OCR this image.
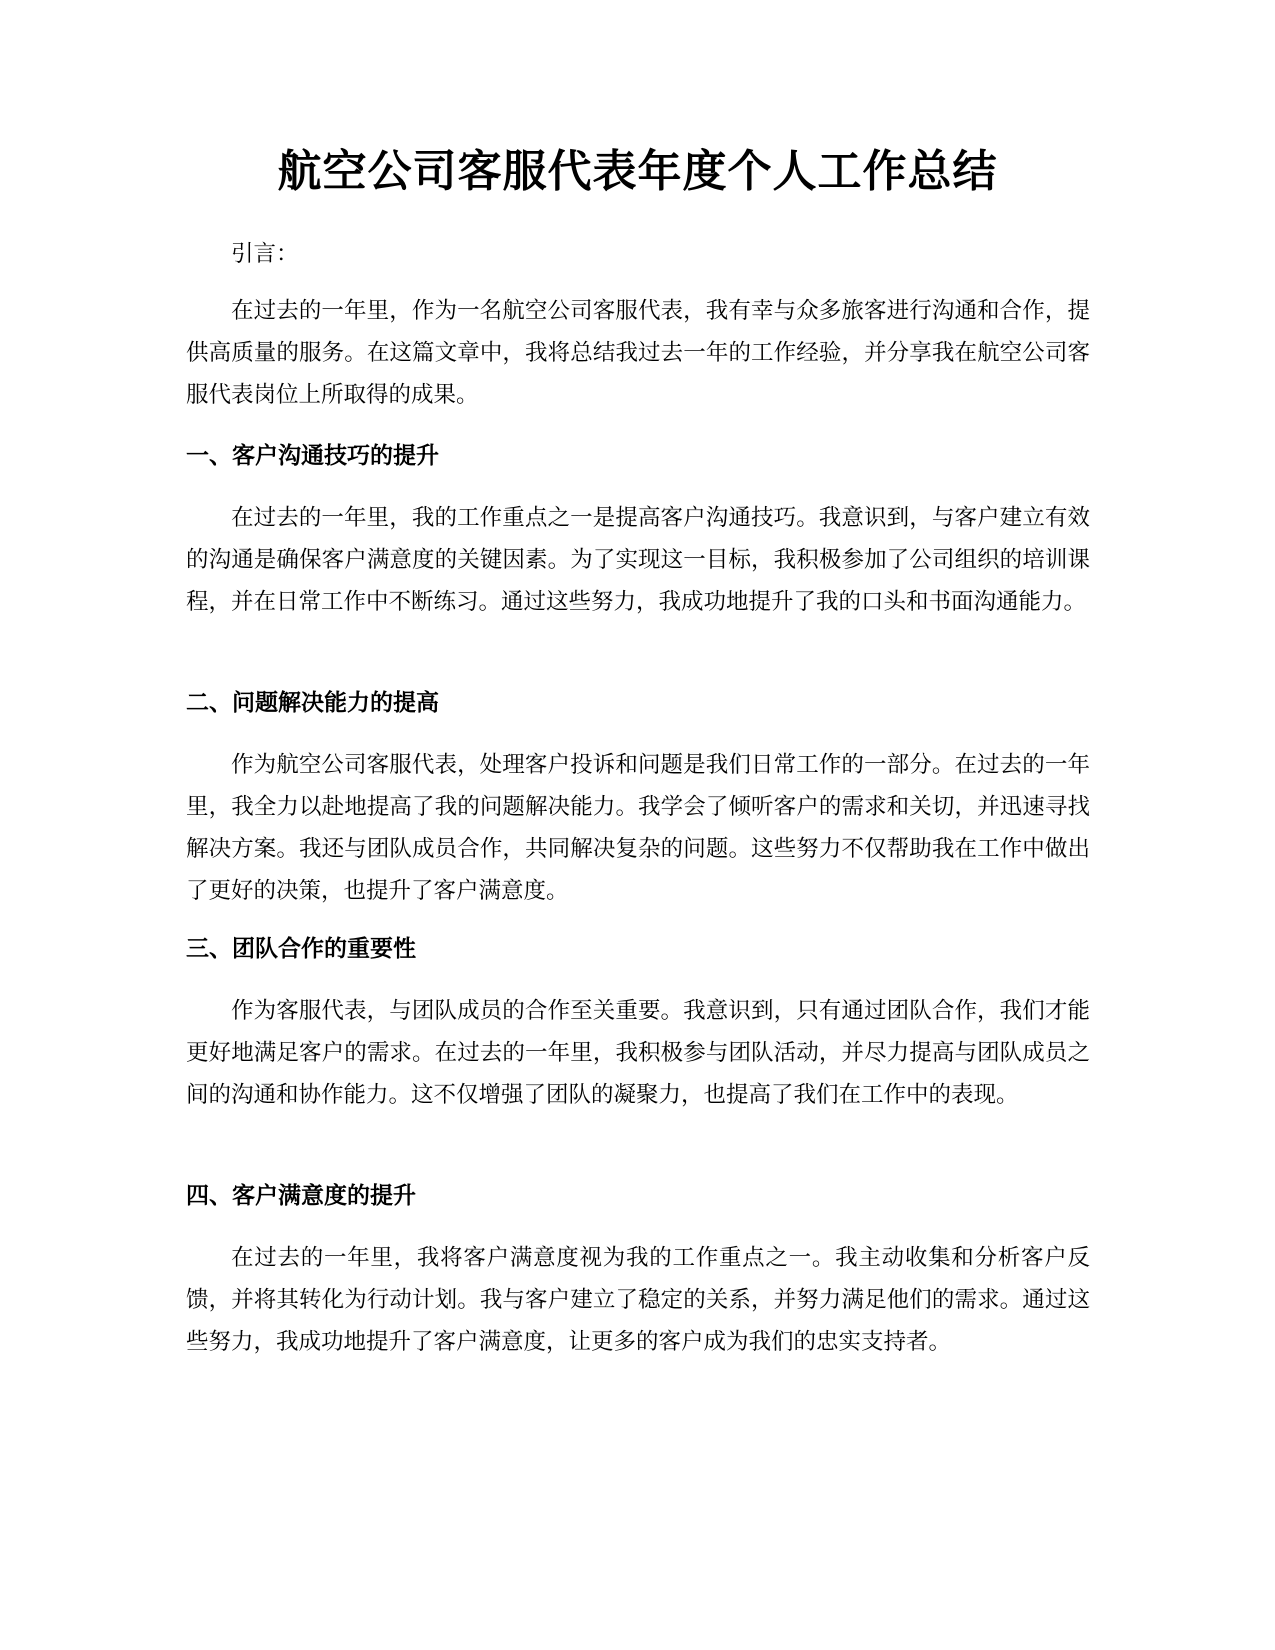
航空公司客服代表年度个人工作总结

引言：

在过去的一年里，作为一名航空公司客服代表，我有幸与众多旅客进行沟通和合作，提供高质量的服务。在这篇文章中，我将总结我过去一年的工作经验，并分享我在航空公司客服代表岗位上所取得的成果。

一、客户沟通技巧的提升

在过去的一年里，我的工作重点之一是提高客户沟通技巧。我意识到，与客户建立有效的沟通是确保客户满意度的关键因素。为了实现这一目标，我积极参加了公司组织的培训课程，并在日常工作中不断练习。通过这些努力，我成功地提升了我的口头和书面沟通能力。

二、问题解决能力的提高

作为航空公司客服代表，处理客户投诉和问题是我们日常工作的一部分。在过去的一年里，我全力以赴地提高了我的问题解决能力。我学会了倾听客户的需求和关切，并迅速寻找解决方案。我还与团队成员合作，共同解决复杂的问题。这些努力不仅帮助我在工作中做出了更好的决策，也提升了客户满意度。

三、团队合作的重要性

作为客服代表，与团队成员的合作至关重要。我意识到，只有通过团队合作，我们才能更好地满足客户的需求。在过去的一年里，我积极参与团队活动，并尽力提高与团队成员之间的沟通和协作能力。这不仅增强了团队的凝聚力，也提高了我们在工作中的表现。

四、客户满意度的提升

在过去的一年里，我将客户满意度视为我的工作重点之一。我主动收集和分析客户反馈，并将其转化为行动计划。我与客户建立了稳定的关系，并努力满足他们的需求。通过这些努力，我成功地提升了客户满意度，让更多的客户成为我们的忠实支持者。
